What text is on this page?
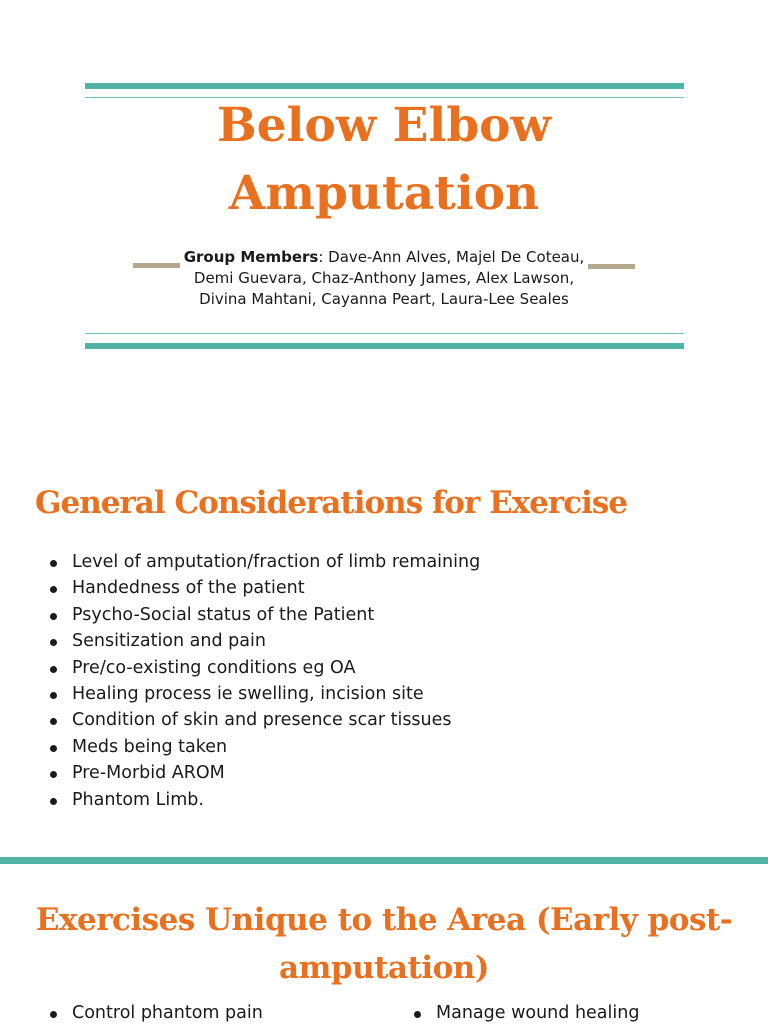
Below Elbow
Amputation
Group Members: Dave-Ann Alves, Majel De Coteau, Demi Guevara, Chaz-Anthony James, Alex Lawson, Divina Mahtani, Cayanna Peart, Laura-Lee Seales
General Considerations for Exercise
Level of amputation/fraction of limb remaining
Handedness of the patient
Psycho-Social status of the Patient
Sensitization and pain
Pre/co-existing conditions eg OA
Healing process ie swelling, incision site
Condition of skin and presence scar tissues
Meds being taken
Pre-Morbid AROM
Phantom Limb.
Exercises Unique to the Area (Early post-amputation)
Control phantom pain	Manage wound healing
